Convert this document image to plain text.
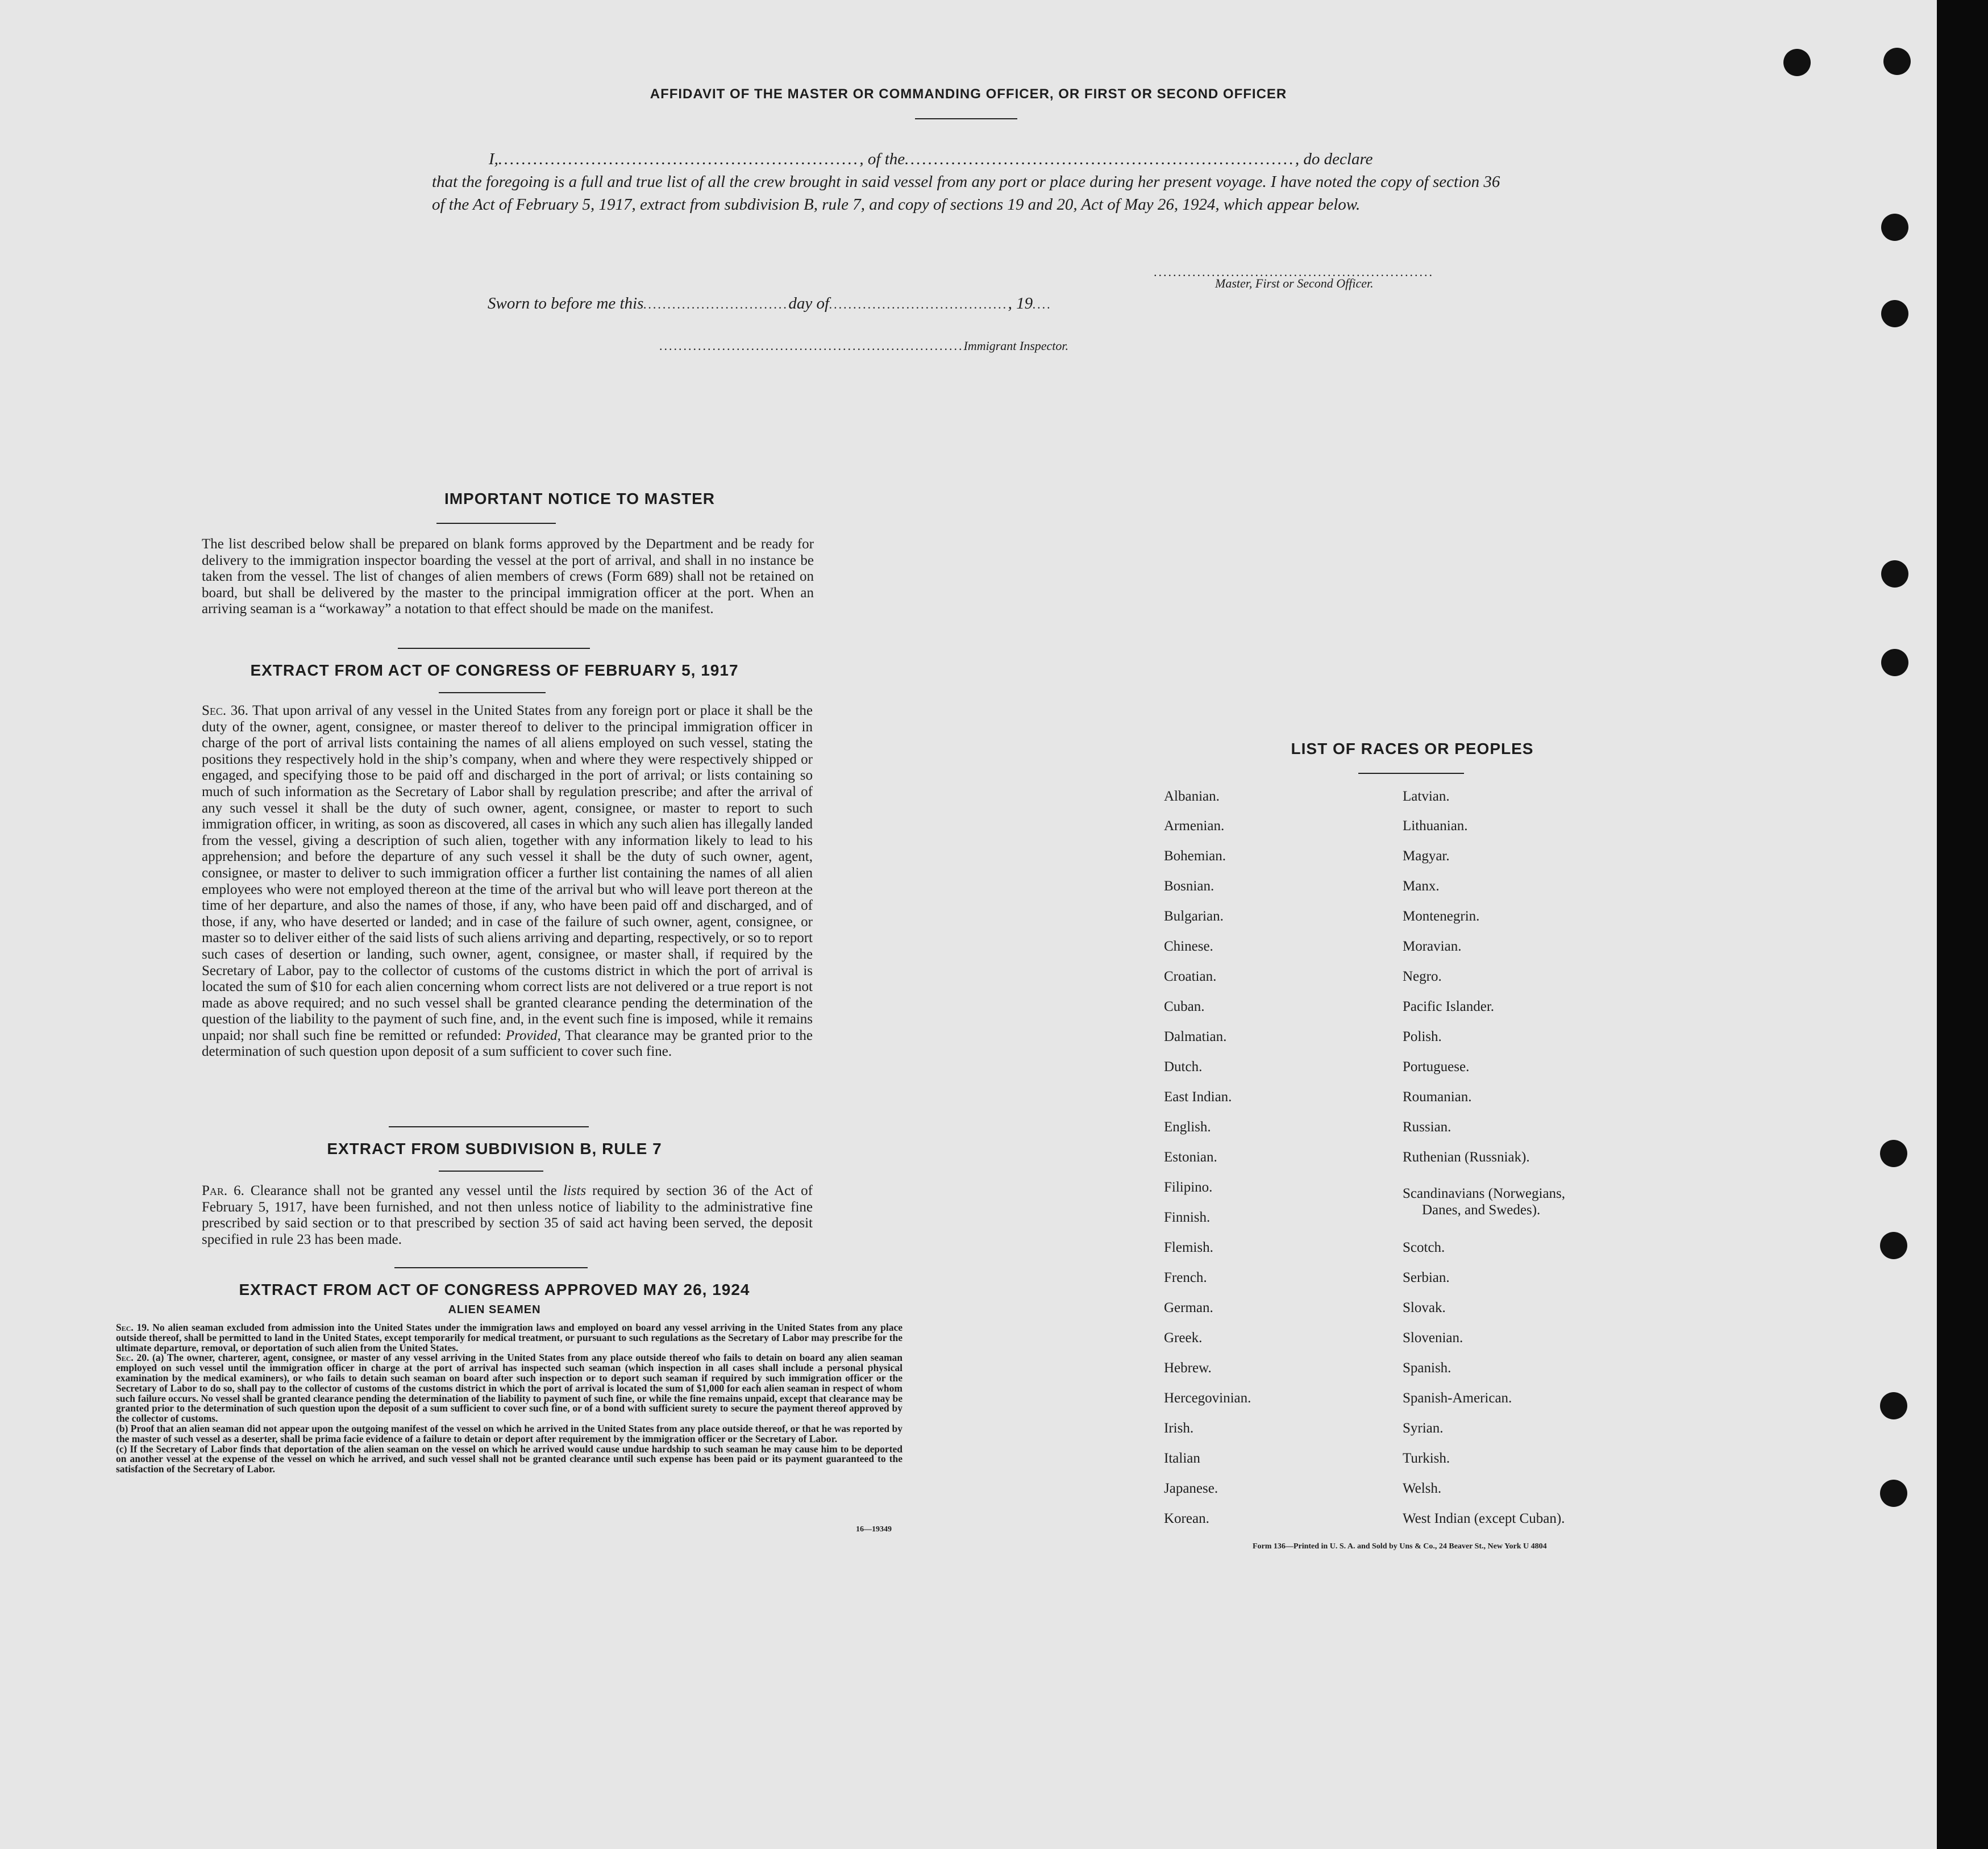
AFFIDAVIT OF THE MASTER OR COMMANDING OFFICER, OR FIRST OR SECOND OFFICER
I,.............................................................., of the..................................................................., do declare
that the foregoing is a full and true list of all the crew brought in said vessel from any port or place during her present voyage. I have noted the copy of section 36 of the Act of February 5, 1917, extract from subdivision B, rule 7, and copy of sections 19 and 20, Act of May 26, 1924, which appear below.
..........................................................
Master, First or Second Officer.
Sworn to before me this..............................day of....................................., 19....
...............................................................Immigrant Inspector.
IMPORTANT NOTICE TO MASTER
The list described below shall be prepared on blank forms approved by the Department and be ready for delivery to the immigration inspector boarding the vessel at the port of arrival, and shall in no instance be taken from the vessel. The list of changes of alien members of crews (Form 689) shall not be retained on board, but shall be delivered by the master to the principal immigration officer at the port. When an arriving seaman is a “workaway” a notation to that effect should be made on the manifest.
EXTRACT FROM ACT OF CONGRESS OF FEBRUARY 5, 1917
Sec. 36. That upon arrival of any vessel in the United States from any foreign port or place it shall be the duty of the owner, agent, consignee, or master thereof to deliver to the principal immigration officer in charge of the port of arrival lists containing the names of all aliens employed on such vessel, stating the positions they respectively hold in the ship’s company, when and where they were respectively shipped or engaged, and specifying those to be paid off and discharged in the port of arrival; or lists containing so much of such information as the Secretary of Labor shall by regulation prescribe; and after the arrival of any such vessel it shall be the duty of such owner, agent, consignee, or master to report to such immigration officer, in writing, as soon as discovered, all cases in which any such alien has illegally landed from the vessel, giving a description of such alien, together with any information likely to lead to his apprehension; and before the departure of any such vessel it shall be the duty of such owner, agent, consignee, or master to deliver to such immigration officer a further list containing the names of all alien employees who were not employed thereon at the time of the arrival but who will leave port thereon at the time of her departure, and also the names of those, if any, who have been paid off and discharged, and of those, if any, who have deserted or landed; and in case of the failure of such owner, agent, consignee, or master so to deliver either of the said lists of such aliens arriving and departing, respectively, or so to report such cases of desertion or landing, such owner, agent, consignee, or master shall, if required by the Secretary of Labor, pay to the collector of customs of the customs district in which the port of arrival is located the sum of $10 for each alien concerning whom correct lists are not delivered or a true report is not made as above required; and no such vessel shall be granted clearance pending the determination of the question of the liability to the payment of such fine, and, in the event such fine is imposed, while it remains unpaid; nor shall such fine be remitted or refunded: Provided, That clearance may be granted prior to the determination of such question upon deposit of a sum sufficient to cover such fine.
EXTRACT FROM SUBDIVISION B, RULE 7
Par. 6. Clearance shall not be granted any vessel until the lists required by section 36 of the Act of February 5, 1917, have been furnished, and not then unless notice of liability to the administrative fine prescribed by said section or to that prescribed by section 35 of said act having been served, the deposit specified in rule 23 has been made.
EXTRACT FROM ACT OF CONGRESS APPROVED MAY 26, 1924
ALIEN SEAMEN
Sec. 19. No alien seaman excluded from admission into the United States under the immigration laws and employed on board any vessel arriving in the United States from any place outside thereof, shall be permitted to land in the United States, except temporarily for medical treatment, or pursuant to such regulations as the Secretary of Labor may prescribe for the ultimate departure, removal, or deportation of such alien from the United States.
Sec. 20. (a) The owner, charterer, agent, consignee, or master of any vessel arriving in the United States from any place outside thereof who fails to detain on board any alien seaman employed on such vessel until the immigration officer in charge at the port of arrival has inspected such seaman (which inspection in all cases shall include a personal physical examination by the medical examiners), or who fails to detain such seaman on board after such inspection or to deport such seaman if required by such immigration officer or the Secretary of Labor to do so, shall pay to the collector of customs of the customs district in which the port of arrival is located the sum of $1,000 for each alien seaman in respect of whom such failure occurs. No vessel shall be granted clearance pending the determination of the liability to payment of such fine, or while the fine remains unpaid, except that clearance may be granted prior to the determination of such question upon the deposit of a sum sufficient to cover such fine, or of a bond with sufficient surety to secure the payment thereof approved by the collector of customs.
(b) Proof that an alien seaman did not appear upon the outgoing manifest of the vessel on which he arrived in the United States from any place outside thereof, or that he was reported by the master of such vessel as a deserter, shall be prima facie evidence of a failure to detain or deport after requirement by the immigration officer or the Secretary of Labor.
(c) If the Secretary of Labor finds that deportation of the alien seaman on the vessel on which he arrived would cause undue hardship to such seaman he may cause him to be deported on another vessel at the expense of the vessel on which he arrived, and such vessel shall not be granted clearance until such expense has been paid or its payment guaranteed to the satisfaction of the Secretary of Labor.
16—19349
LIST OF RACES OR PEOPLES
Albanian.
Armenian.
Bohemian.
Bosnian.
Bulgarian.
Chinese.
Croatian.
Cuban.
Dalmatian.
Dutch.
East Indian.
English.
Estonian.
Filipino.
Finnish.
Flemish.
French.
German.
Greek.
Hebrew.
Hercegovinian.
Irish.
Italian
Japanese.
Korean.
Latvian.
Lithuanian.
Magyar.
Manx.
Montenegrin.
Moravian.
Negro.
Pacific Islander.
Polish.
Portuguese.
Roumanian.
Russian.
Ruthenian (Russniak).
Scandinavians (Norwegians,
Danes, and Swedes).
Scotch.
Serbian.
Slovak.
Slovenian.
Spanish.
Spanish-American.
Syrian.
Turkish.
Welsh.
West Indian (except Cuban).
Form 136—Printed in U. S. A. and Sold by Uns & Co., 24 Beaver St., New York U 4804
